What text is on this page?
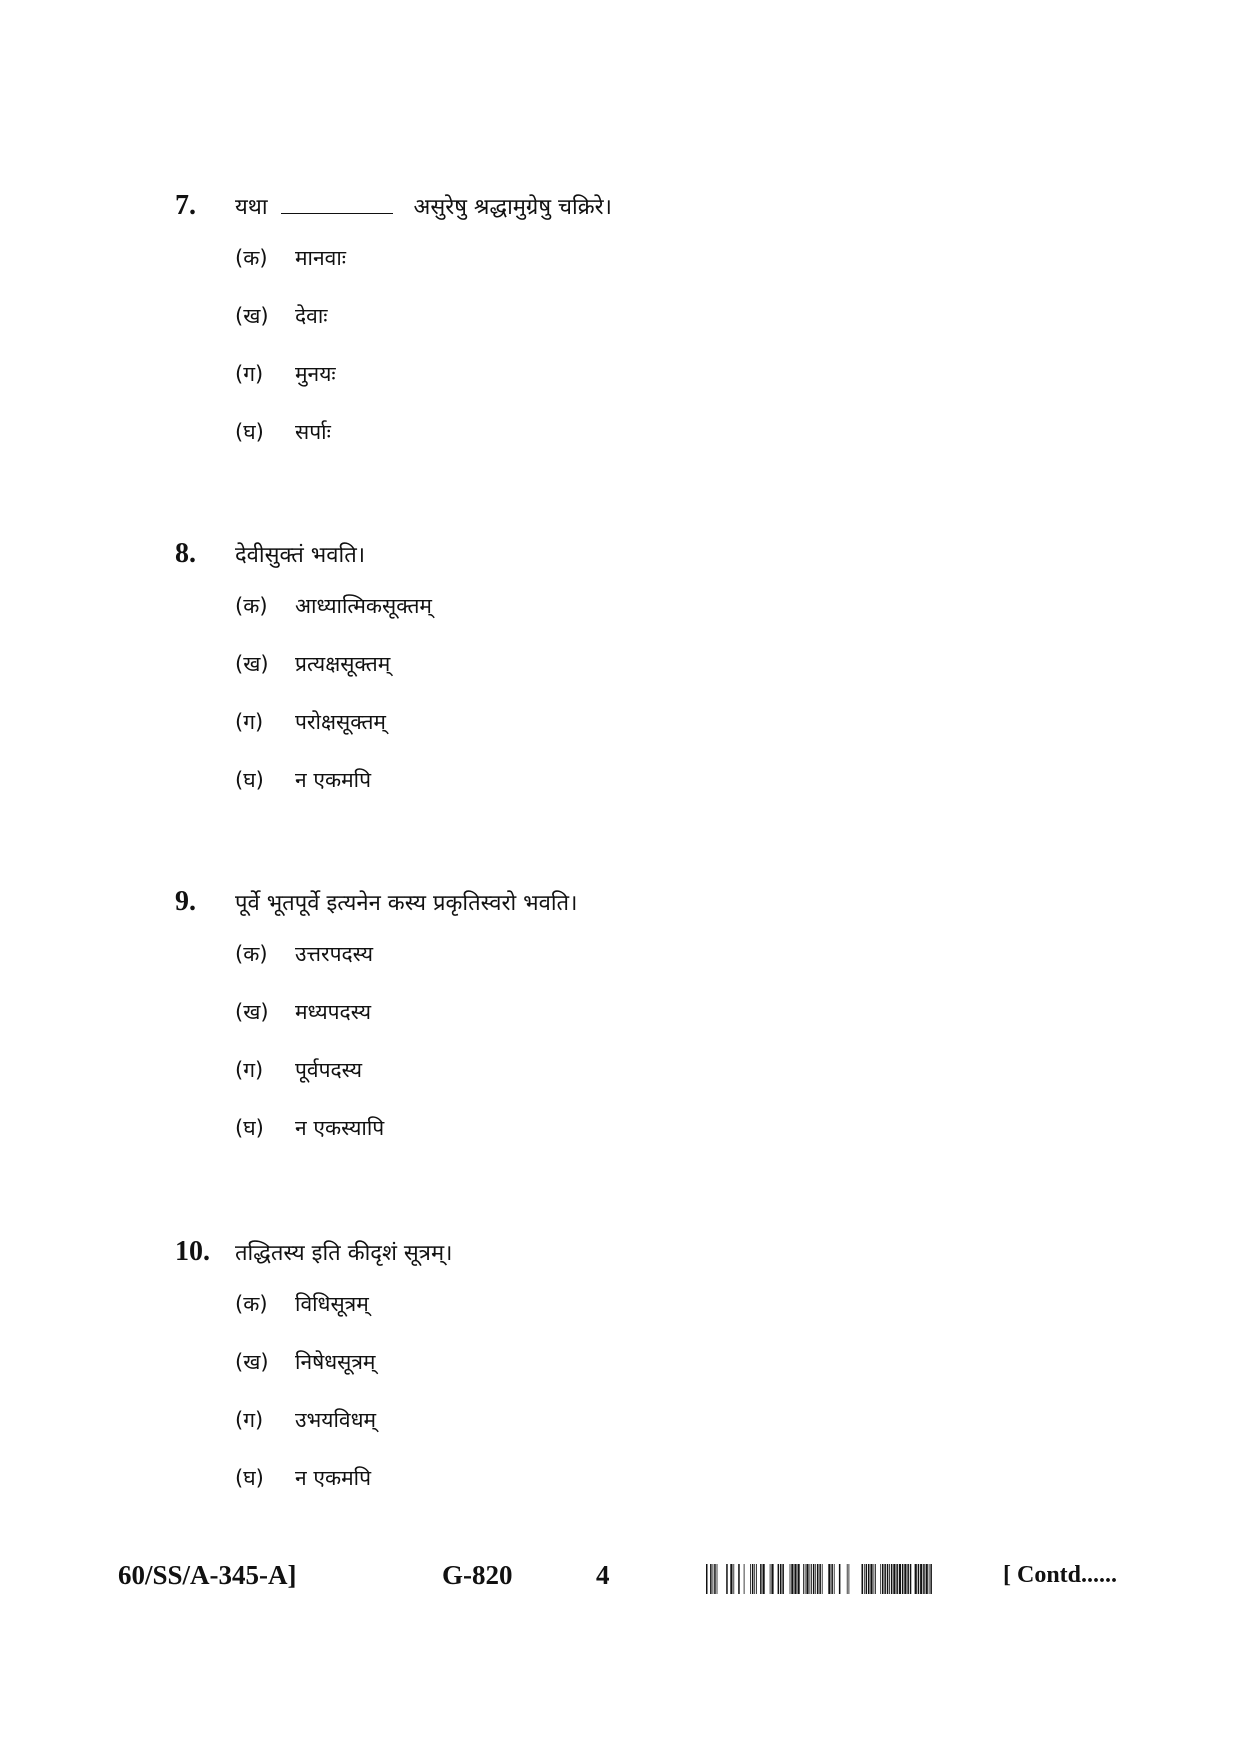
7.	यथा	असुरेषु श्रद्धामुग्रेषु चक्रिरे।
(क)	मानवाः
(ख)	देवाः
(ग)	मुनयः
(घ)	सर्पाः
8.	देवीसुक्तं भवति।
(क)	आध्यात्मिकसूक्तम्
(ख)	प्रत्यक्षसूक्तम्
(ग)	परोक्षसूक्तम्
(घ)	न एकमपि
9.	पूर्वे भूतपूर्वे इत्यनेन कस्य प्रकृतिस्वरो भवति।
(क)	उत्तरपदस्य
(ख)	मध्यपदस्य
(ग)	पूर्वपदस्य
(घ)	न एकस्यापि
10.	तद्धितस्य इति कीदृशं सूत्रम्।
(क)	विधिसूत्रम्
(ख)	निषेधसूत्रम्
(ग)	उभयविधम्
(घ)	न एकमपि
60/SS/A-345-A]	G-820	4	[ Contd......
